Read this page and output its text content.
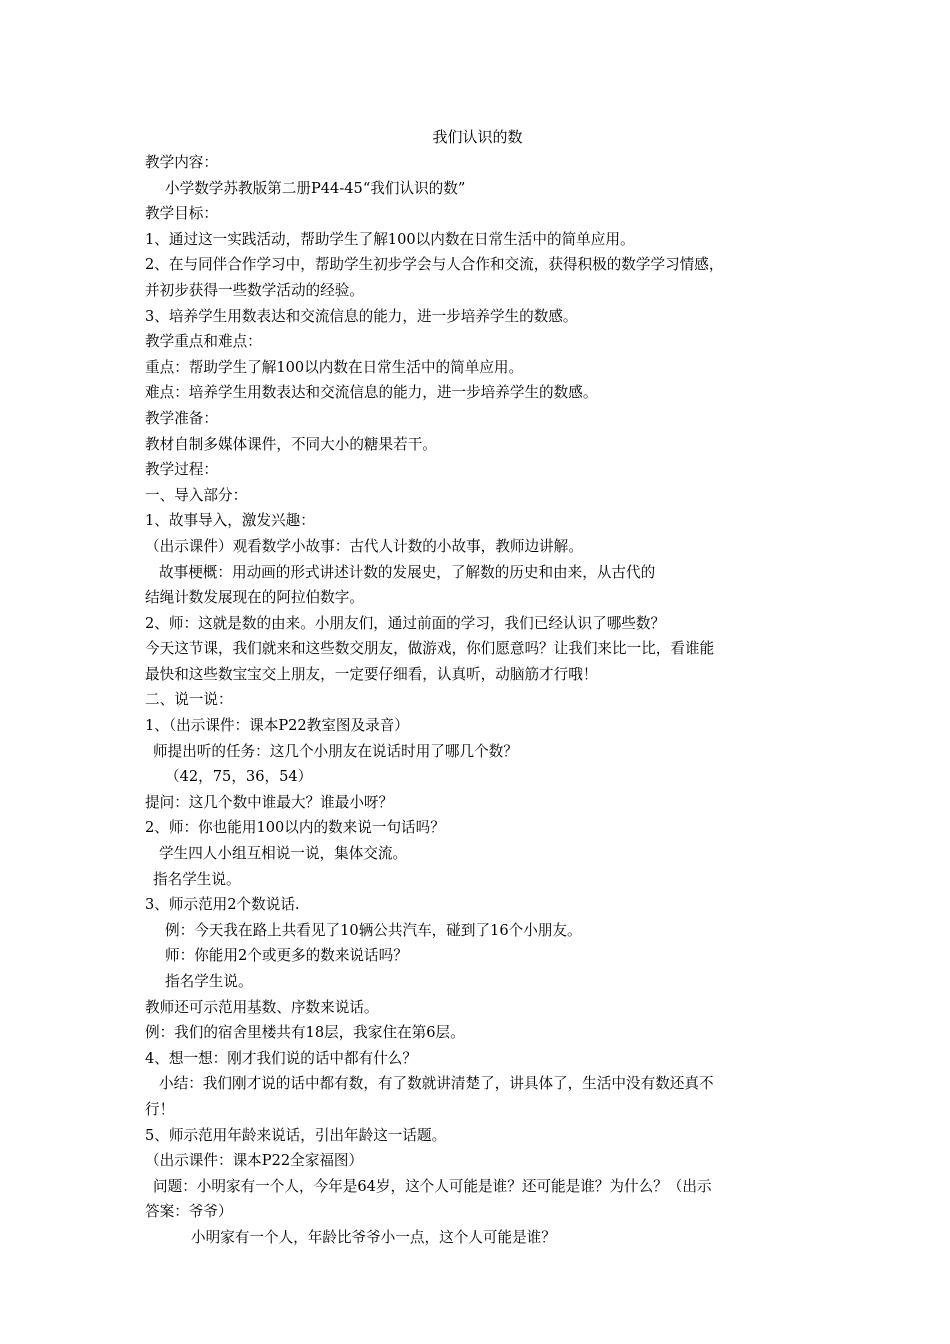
我们认识的数

教学内容：

小学数学苏教版第二册P44-45“我们认识的数”

教学目标：

1、通过这一实践活动，帮助学生了解100以内数在日常生活中的简单应用。

2、在与同伴合作学习中，帮助学生初步学会与人合作和交流，获得积极的数学学习情感，

并初步获得一些数学活动的经验。

3、培养学生用数表达和交流信息的能力，进一步培养学生的数感。

教学重点和难点：

重点：帮助学生了解100以内数在日常生活中的简单应用。

难点：培养学生用数表达和交流信息的能力，进一步培养学生的数感。

教学准备：

教材自制多媒体课件，不同大小的糖果若干。

教学过程：

一、导入部分：

1、故事导入，激发兴趣：

（出示课件）观看数学小故事：古代人计数的小故事，教师边讲解。

故事梗概：用动画的形式讲述计数的发展史，了解数的历史和由来，从古代的

结绳计数发展现在的阿拉伯数字。

2、师：这就是数的由来。小朋友们，通过前面的学习，我们已经认识了哪些数？

今天这节课，我们就来和这些数交朋友，做游戏，你们愿意吗？让我们来比一比，看谁能

最快和这些数宝宝交上朋友，一定要仔细看，认真听，动脑筋才行哦！

二、说一说：

1、（出示课件：课本P22教室图及录音）

师提出听的任务：这几个小朋友在说话时用了哪几个数？

（42，75，36，54）

提问：这几个数中谁最大？谁最小呀？

2、师：你也能用100以内的数来说一句话吗？

学生四人小组互相说一说，集体交流。

指名学生说。

3、师示范用2个数说话.

例：今天我在路上共看见了10辆公共汽车，碰到了16个小朋友。

师：你能用2个或更多的数来说话吗？

指名学生说。

教师还可示范用基数、序数来说话。

例：我们的宿舍里楼共有18层，我家住在第6层。

4、想一想：刚才我们说的话中都有什么？

小结：我们刚才说的话中都有数，有了数就讲清楚了，讲具体了，生活中没有数还真不

行！

5、师示范用年龄来说话，引出年龄这一话题。

（出示课件：课本P22全家福图）

问题：小明家有一个人，今年是64岁，这个人可能是谁？还可能是谁？为什么？（出示

答案：爷爷）

小明家有一个人，年龄比爷爷小一点，这个人可能是谁？
